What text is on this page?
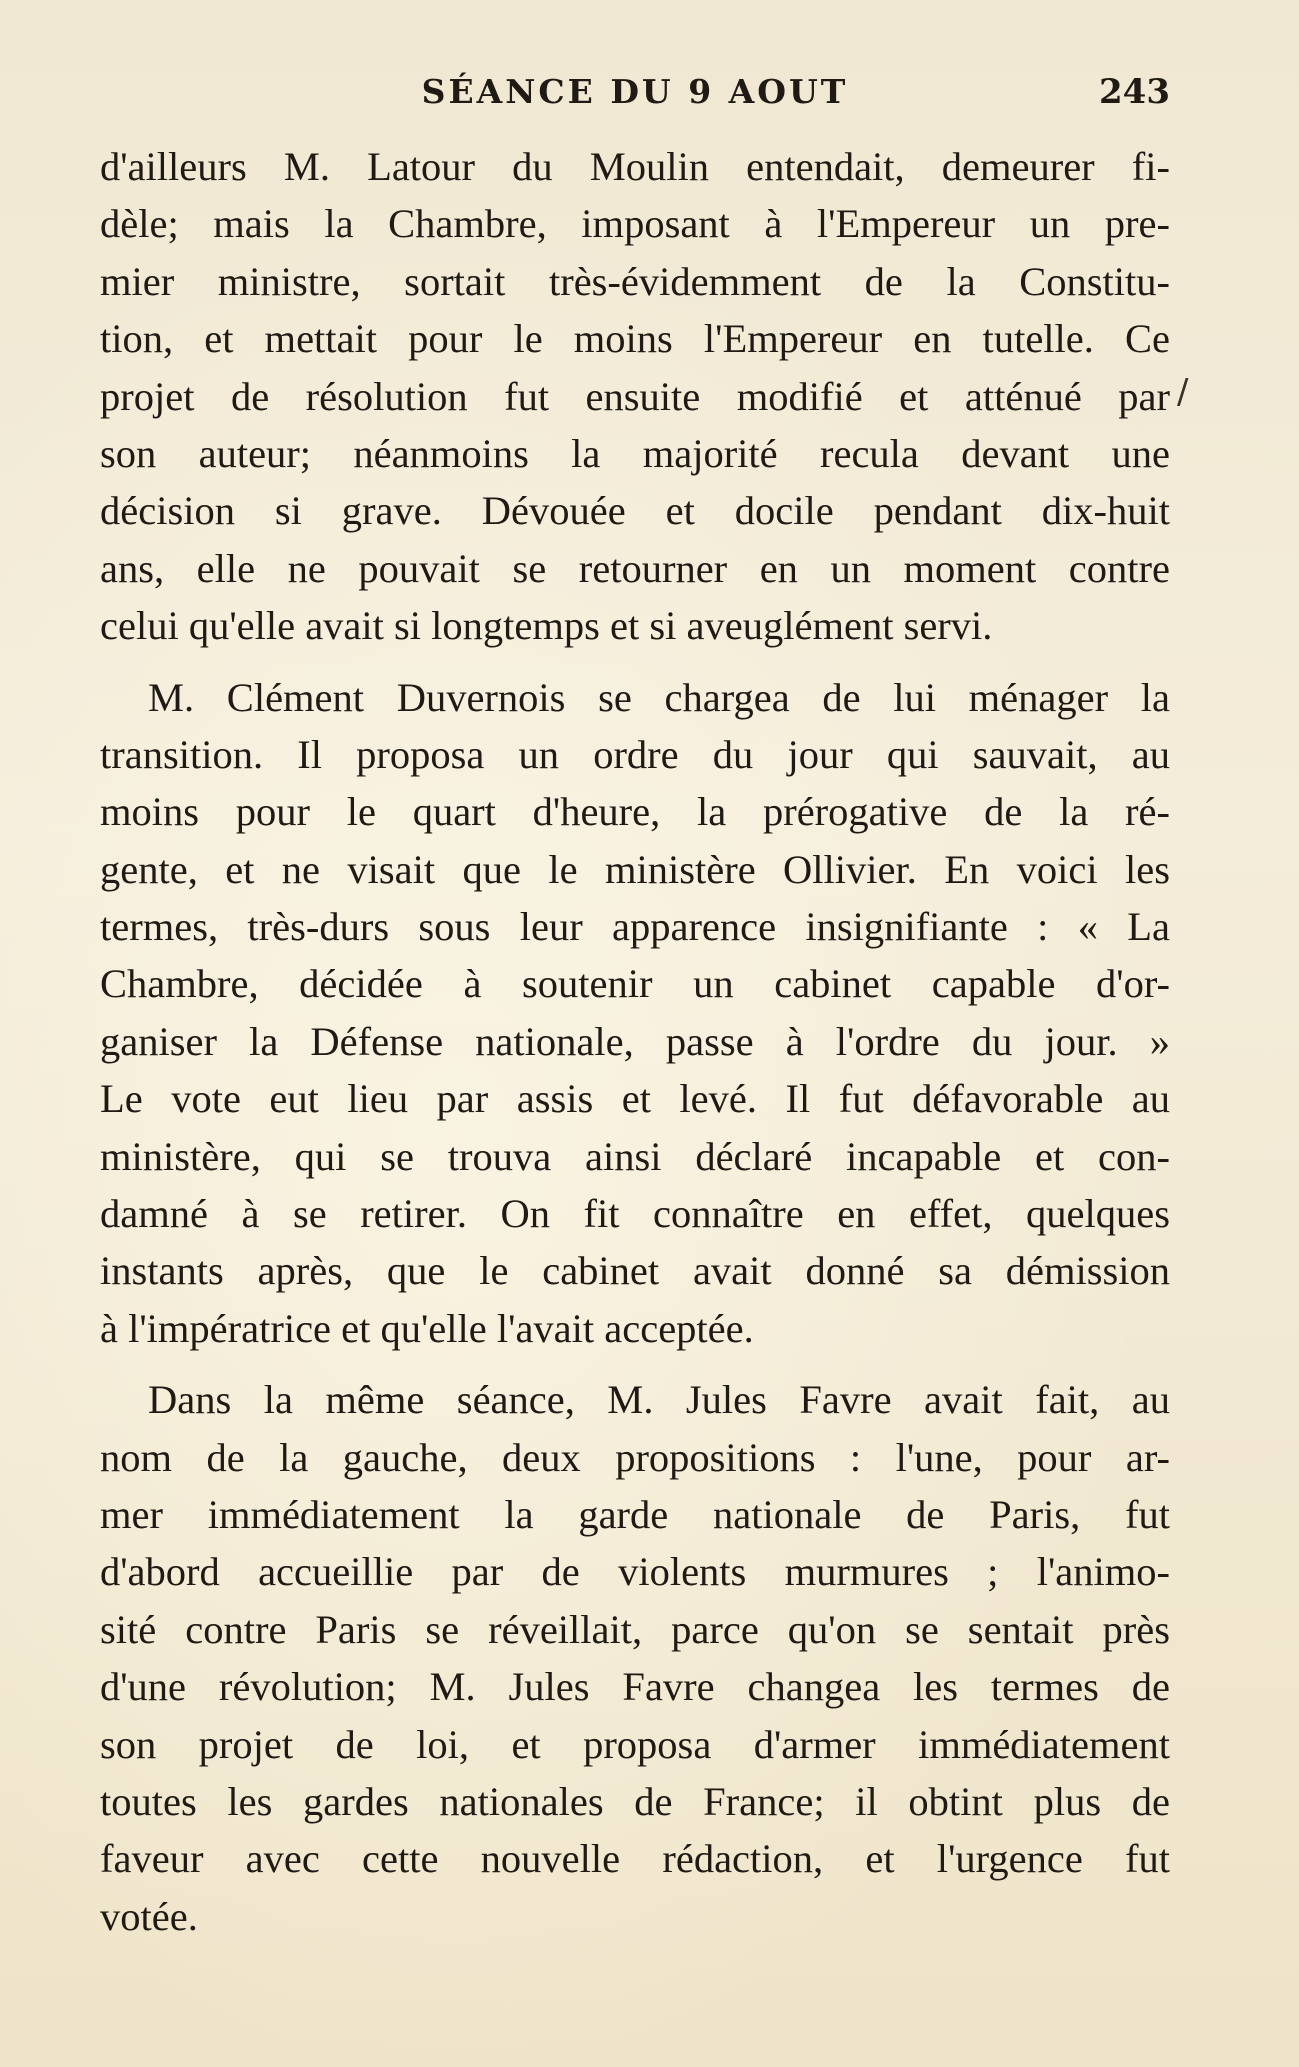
SÉANCE DU 9 AOUT	243
/
d'ailleurs M. Latour du Moulin entendait, demeurer fi-
dèle; mais la Chambre, imposant à l'Empereur un pre-
mier ministre, sortait très-évidemment de la Constitu-
tion, et mettait pour le moins l'Empereur en tutelle. Ce
projet de résolution fut ensuite modifié et atténué par
son auteur; néanmoins la majorité recula devant une
décision si grave. Dévouée et docile pendant dix-huit
ans, elle ne pouvait se retourner en un moment contre
celui qu'elle avait si longtemps et si aveuglément servi.
M. Clément Duvernois se chargea de lui ménager la
transition. Il proposa un ordre du jour qui sauvait, au
moins pour le quart d'heure, la prérogative de la ré-
gente, et ne visait que le ministère Ollivier. En voici les
termes, très-durs sous leur apparence insignifiante : « La
Chambre, décidée à soutenir un cabinet capable d'or-
ganiser la Défense nationale, passe à l'ordre du jour. »
Le vote eut lieu par assis et levé. Il fut défavorable au
ministère, qui se trouva ainsi déclaré incapable et con-
damné à se retirer. On fit connaître en effet, quelques
instants après, que le cabinet avait donné sa démission
à l'impératrice et qu'elle l'avait acceptée.
Dans la même séance, M. Jules Favre avait fait, au
nom de la gauche, deux propositions : l'une, pour ar-
mer immédiatement la garde nationale de Paris, fut
d'abord accueillie par de violents murmures ; l'animo-
sité contre Paris se réveillait, parce qu'on se sentait près
d'une révolution; M. Jules Favre changea les termes de
son projet de loi, et proposa d'armer immédiatement
toutes les gardes nationales de France; il obtint plus de
faveur avec cette nouvelle rédaction, et l'urgence fut
votée.
